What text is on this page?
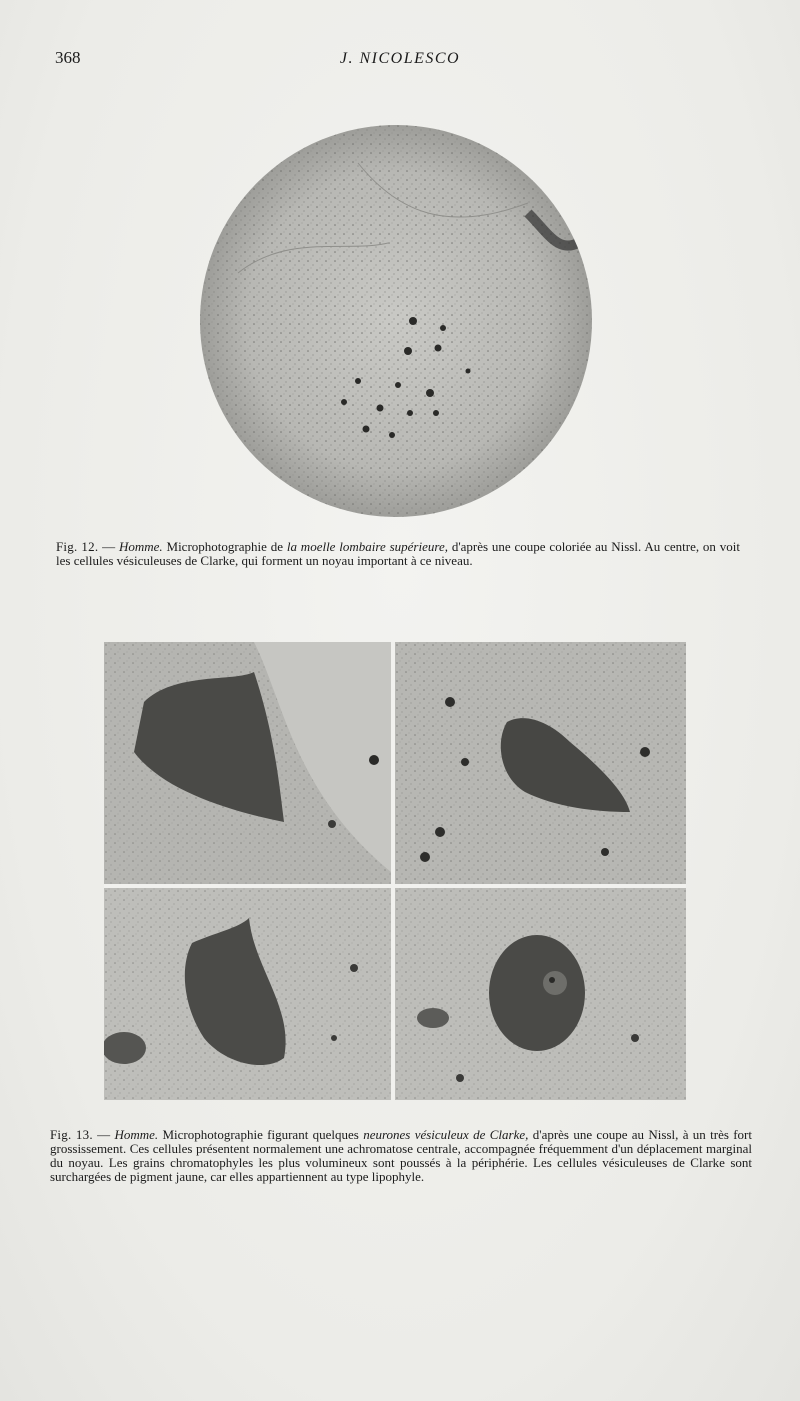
368	J. NICOLESCO

Fig. 12. — Homme. Microphotographie de la moelle lombaire supérieure, d'après une coupe coloriée au Nissl. Au centre, on voit les cellules vésiculeuses de Clarke, qui forment un noyau important à ce niveau.

Fig. 13. — Homme. Microphotographie figurant quelques neurones vésiculeux de Clarke, d'après une coupe au Nissl, à un très fort grossissement. Ces cellules présentent normalement une achromatose centrale, accompagnée fréquemment d'un déplacement marginal du noyau. Les grains chromatophyles les plus volumineux sont poussés à la périphérie. Les cellules vésiculeuses de Clarke sont surchargées de pigment jaune, car elles appartiennent au type lipophyle.
